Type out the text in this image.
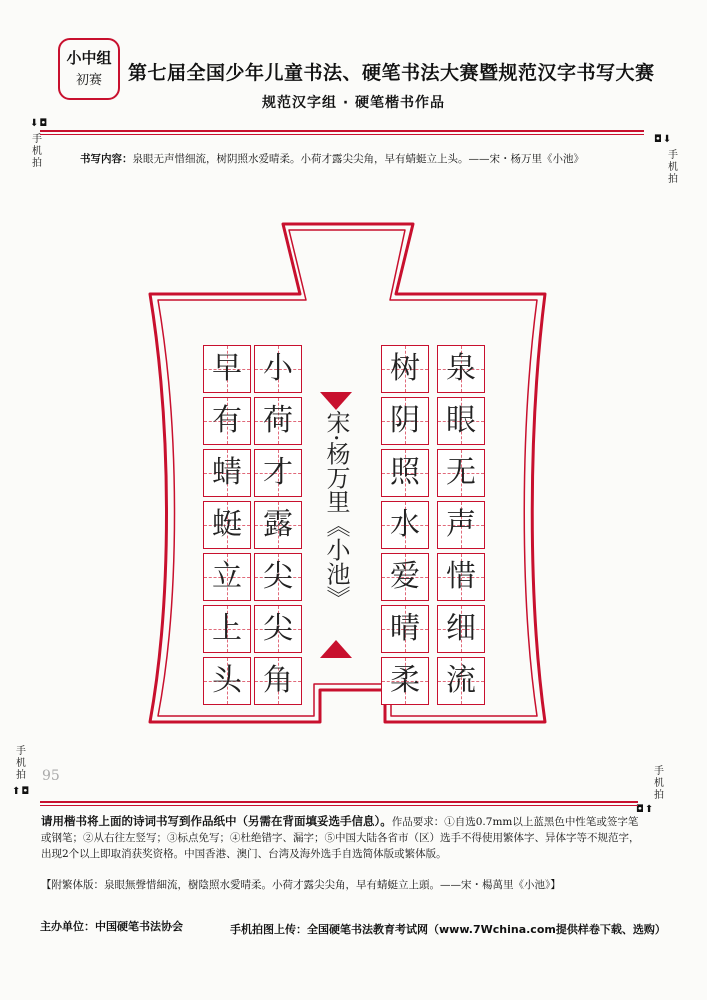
小中组
初赛 第七届全国少年儿童书法、硬笔书法大赛暨规范汉字书写大赛
规范汉字组 · 硬笔楷书作品
⬇◘
手机拍
◘⬇
手机拍
手机拍
⬆◘
手机拍
◘⬆
书写内容：泉眼无声惜细流，树阴照水爱晴柔。小荷才露尖尖角，早有蜻蜓立上头。——宋・杨万里《小池》
早
有
蜻
蜓
立
上
头
小
荷
才
露
尖
尖
角
树
阴
照
水
爱
晴
柔
泉
眼
无
声
惜
细
流
宋·杨万里《小池》
95
请用楷书将上面的诗词书写到作品纸中（另需在背面填妥选手信息）。作品要求：①自选0.7mm以上蓝黑色中性笔或签字笔或钢笔；②从右往左竖写；③标点免写；④杜绝错字、漏字；⑤中国大陆各省市（区）选手不得使用繁体字、异体字等不规范字，出现2个以上即取消获奖资格。中国香港、澳门、台湾及海外选手自选简体版或繁体版。
【附繁体版：泉眼無聲惜細流，樹陰照水愛晴柔。小荷才露尖尖角，早有蜻蜓立上頭。——宋・楊萬里《小池》】
主办单位：中国硬笔书法协会	手机拍图上传：全国硬笔书法教育考试网（www.7Wchina.com提供样卷下载、选购）
